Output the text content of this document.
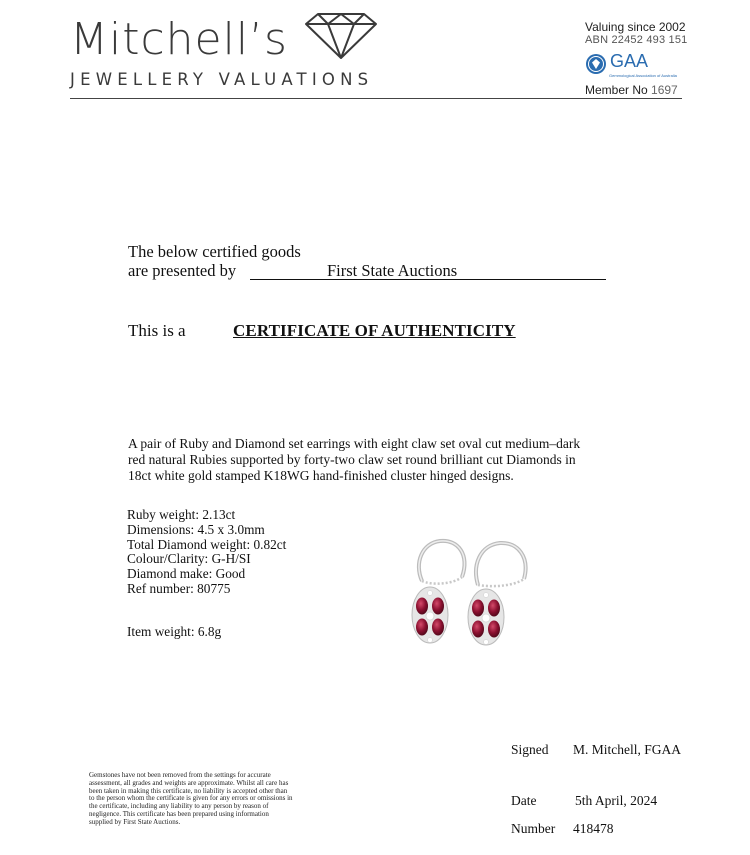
Mitchell’s
JEWELLERY VALUATIONS
Valuing since 2002
ABN 22452 493 151
GAA
Gemmological Association of Australia
Member No 1697
The below certified goods
are presented by	First State Auctions
This is a	CERTIFICATE OF AUTHENTICITY
A pair of Ruby and Diamond set earrings with eight claw set oval cut medium–dark red natural Rubies supported by forty-two claw set round brilliant cut Diamonds in 18ct white gold stamped K18WG hand-finished cluster hinged designs.
Ruby weight: 2.13ct
Dimensions: 4.5 x 3.0mm
Total Diamond weight: 0.82ct
Colour/Clarity: G-H/SI
Diamond make: Good
Ref number: 80775
Item weight: 6.8g
Signed M. Mitchell, FGAA
Date	5th April, 2024
Number 418478
Gemstones have not been removed from the settings for accurate assessment, all grades and weights are approximate. Whilst all care has been taken in making this certificate, no liability is accepted other than to the person whom the certificate is given for any errors or omissions in the certificate, including any liability to any person by reason of negligence. This certificate has been prepared using information supplied by First State Auctions.
